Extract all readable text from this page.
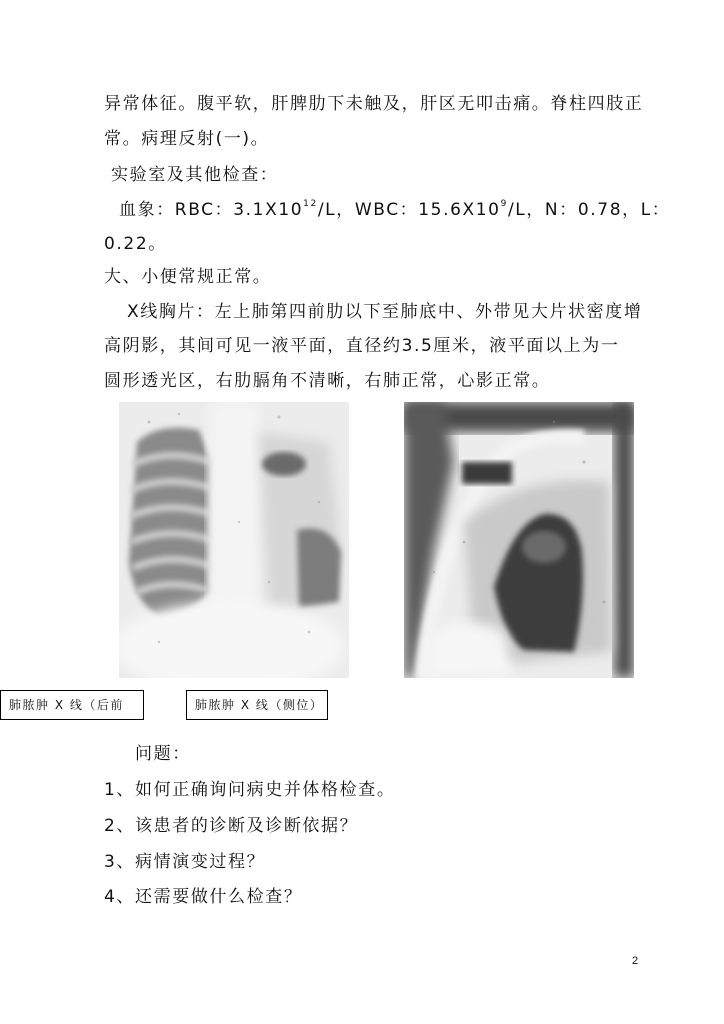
异常体征。腹平软，肝脾肋下未触及，肝区无叩击痛。脊柱四肢正
常。病理反射(一)。
实验室及其他检查：
血象：RBC：$3.1X10^{12}/L$，WBC：$15.6X10^9/L$，N：0.78，L：
0.22。
大、小便常规正常。
X线胸片：左上肺第四前肋以下至肺底中、外带见大片状密度增
高阴影，其间可见一液平面，直径约3.5厘米，液平面以上为一
圆形透光区，右肋膈角不清晰，右肺正常，心影正常。
肺脓肿 X 线（后前	肺脓肿 X 线（侧位）
问题：
1、如何正确询问病史并体格检查。
2、该患者的诊断及诊断依据？
3、病情演变过程？
4、还需要做什么检查？
2
